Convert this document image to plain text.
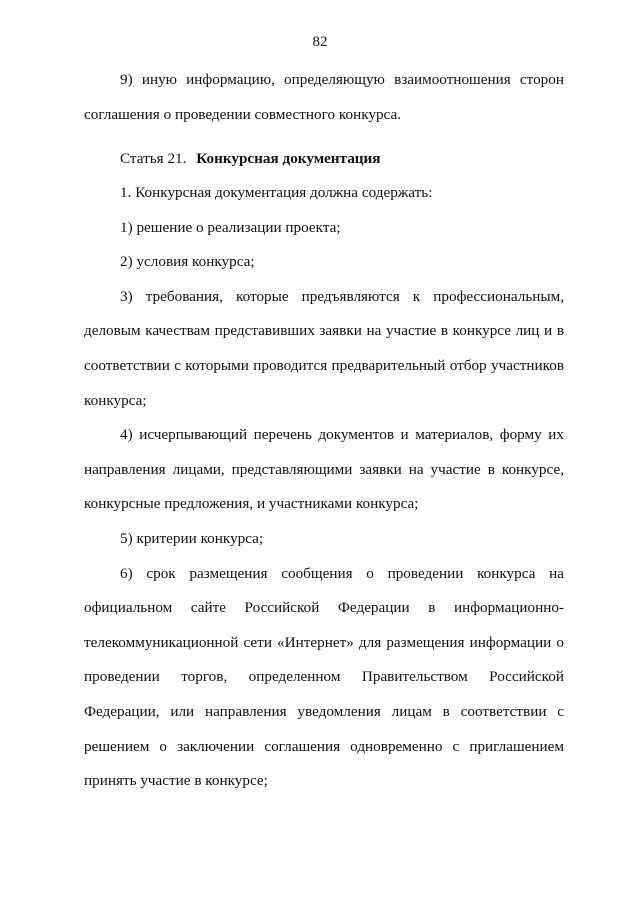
82

9) иную информацию, определяющую взаимоотношения сторон соглашения о проведении совместного конкурса.

Статья 21. Конкурсная документация

1. Конкурсная документация должна содержать:

1) решение о реализации проекта;

2) условия конкурса;

3) требования, которые предъявляются к профессиональным, деловым качествам представивших заявки на участие в конкурсе лиц и в соответствии с которыми проводится предварительный отбор участников конкурса;

4) исчерпывающий перечень документов и материалов, форму их направления лицами, представляющими заявки на участие в конкурсе, конкурсные предложения, и участниками конкурса;

5) критерии конкурса;

6) срок размещения сообщения о проведении конкурса на официальном сайте Российской Федерации в информационно-телекоммуникационной сети «Интернет» для размещения информации о проведении торгов, определенном Правительством Российской Федерации, или направления уведомления лицам в соответствии с решением о заключении соглашения одновременно с приглашением принять участие в конкурсе;
